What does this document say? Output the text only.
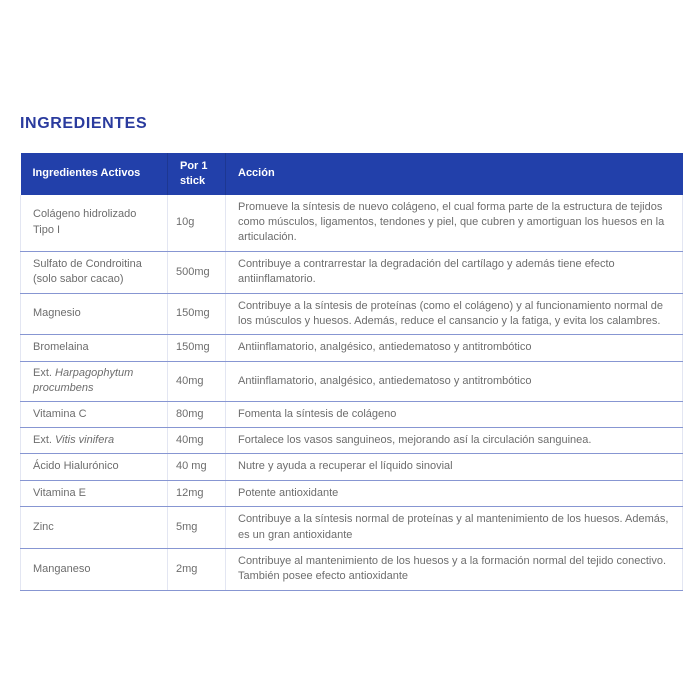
INGREDIENTES
Ingredientes Activos	Por 1 stick	Acción
Colágeno hidrolizado Tipo I	10g	Promueve la síntesis de nuevo colágeno, el cual forma parte de la estructura de tejidos como músculos, ligamentos, tendones y piel, que cubren y amortiguan los huesos en la articulación.
Sulfato de Condroitina (solo sabor cacao)	500mg	Contribuye a contrarrestar la degradación del cartílago y además tiene efecto antiinflamatorio.
Magnesio	150mg	Contribuye a la síntesis de proteínas (como el colágeno) y al funcionamiento normal de los músculos y huesos. Además, reduce el cansancio y la fatiga, y evita los calambres.
Bromelaina	150mg	Antiinflamatorio, analgésico, antiedematoso y antitrombótico
Ext. Harpagophytum procumbens	40mg	Antiinflamatorio, analgésico, antiedematoso y antitrombótico
Vitamina C	80mg	Fomenta la síntesis de colágeno
Ext. Vitis vinifera	40mg	Fortalece los vasos sanguineos, mejorando así la circulación sanguinea.
Ácido Hialurónico	40 mg	Nutre y ayuda a recuperar el líquido sinovial
Vitamina E	12mg	Potente antioxidante
Zinc	5mg	Contribuye a la síntesis normal de proteínas y al mantenimiento de los huesos. Además, es un gran antioxidante
Manganeso	2mg	Contribuye al mantenimiento de los huesos y a la formación normal del tejido conectivo. También posee efecto antioxidante
